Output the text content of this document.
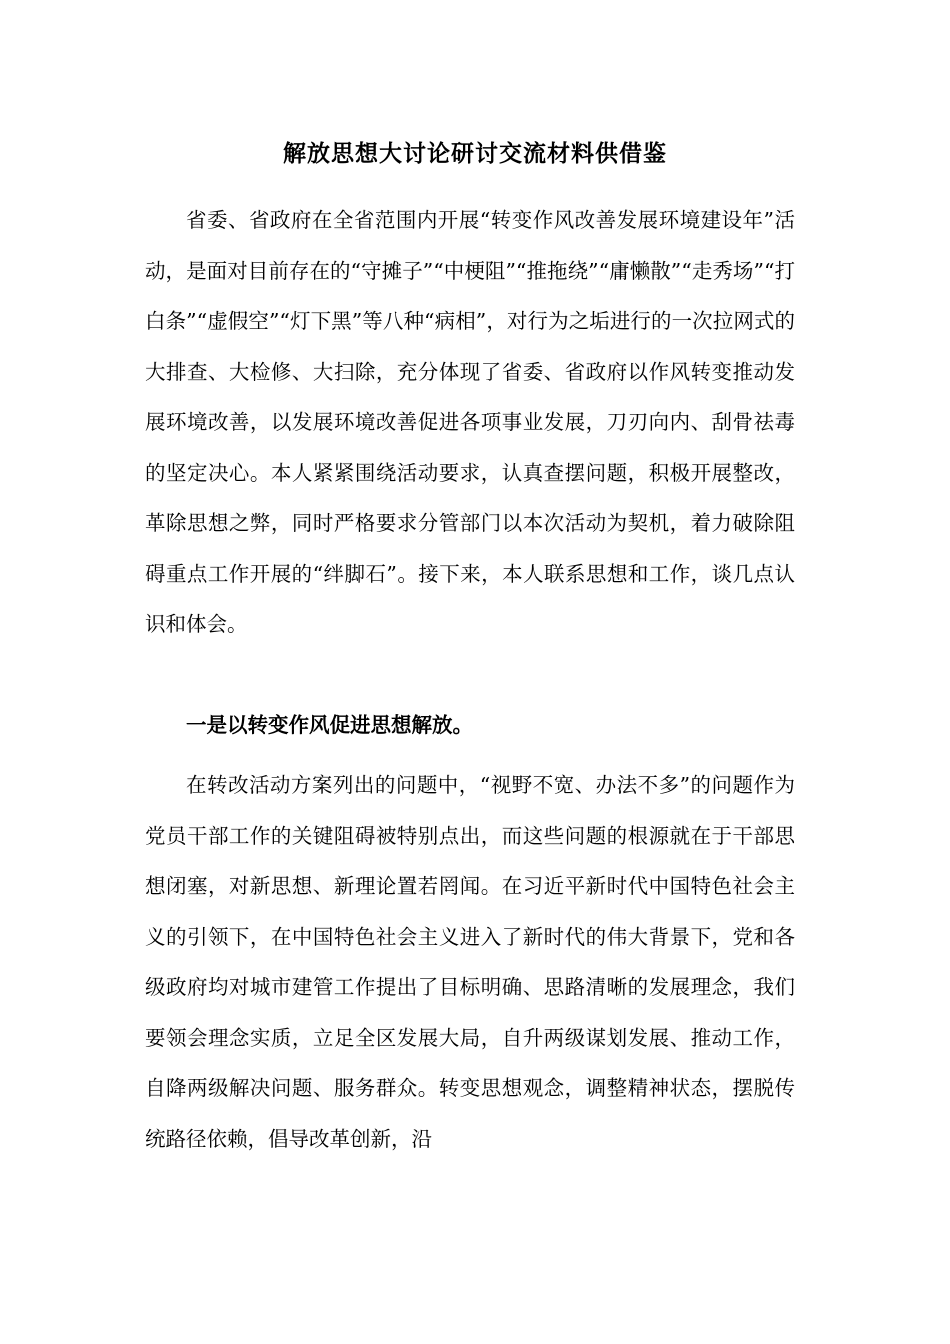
解放思想大讨论研讨交流材料供借鉴

省委、省政府在全省范围内开展“转变作风改善发展环境建设年”活动，是面对目前存在的“守摊子”“中梗阻”“推拖绕”“庸懒散”“走秀场”“打白条”“虚假空”“灯下黑”等八种“病相”，对行为之垢进行的一次拉网式的大排查、大检修、大扫除，充分体现了省委、省政府以作风转变推动发展环境改善，以发展环境改善促进各项事业发展，刀刃向内、刮骨祛毒的坚定决心。本人紧紧围绕活动要求，认真查摆问题，积极开展整改，革除思想之弊，同时严格要求分管部门以本次活动为契机，着力破除阻碍重点工作开展的“绊脚石”。接下来，本人联系思想和工作，谈几点认识和体会。

一是以转变作风促进思想解放。

在转改活动方案列出的问题中，“视野不宽、办法不多”的问题作为党员干部工作的关键阻碍被特别点出，而这些问题的根源就在于干部思想闭塞，对新思想、新理论置若罔闻。在习近平新时代中国特色社会主义的引领下，在中国特色社会主义进入了新时代的伟大背景下，党和各级政府均对城市建管工作提出了目标明确、思路清晰的发展理念，我们要领会理念实质，立足全区发展大局，自升两级谋划发展、推动工作，自降两级解决问题、服务群众。转变思想观念，调整精神状态，摆脱传统路径依赖，倡导改革创新，沿
